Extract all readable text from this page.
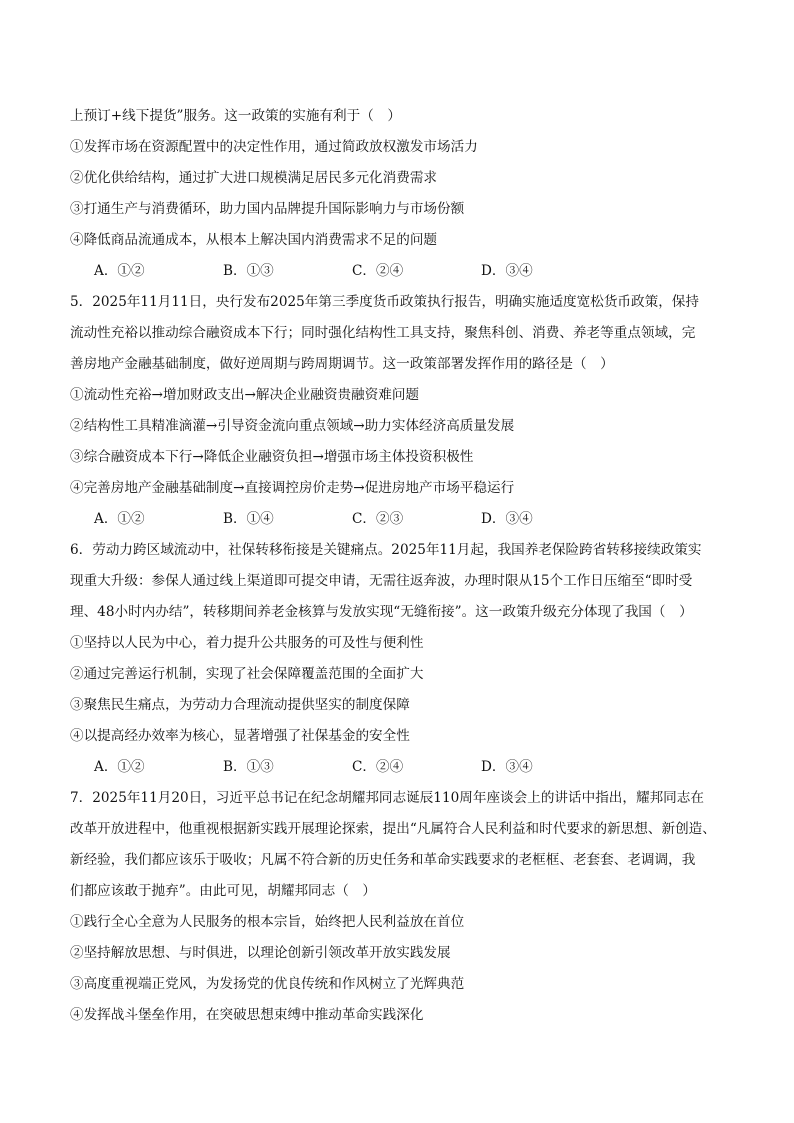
上预订+线下提货”服务。这一政策的实施有利于（　）

①发挥市场在资源配置中的决定性作用，通过简政放权激发市场活力

②优化供给结构，通过扩大进口规模满足居民多元化消费需求

③打通生产与消费循环，助力国内品牌提升国际影响力与市场份额

④降低商品流通成本，从根本上解决国内消费需求不足的问题

A．①②	B．①③	C．②④	D．③④

5．2025年11月11日，央行发布2025年第三季度货币政策执行报告，明确实施适度宽松货币政策，保持

流动性充裕以推动综合融资成本下行；同时强化结构性工具支持，聚焦科创、消费、养老等重点领域，完

善房地产金融基础制度，做好逆周期与跨周期调节。这一政策部署发挥作用的路径是（　）

①流动性充裕→增加财政支出→解决企业融资贵融资难问题

②结构性工具精准滴灌→引导资金流向重点领域→助力实体经济高质量发展

③综合融资成本下行→降低企业融资负担→增强市场主体投资积极性

④完善房地产金融基础制度→直接调控房价走势→促进房地产市场平稳运行

A．①②	B．①④	C．②③	D．③④

6．劳动力跨区域流动中，社保转移衔接是关键痛点。2025年11月起，我国养老保险跨省转移接续政策实

现重大升级：参保人通过线上渠道即可提交申请，无需往返奔波，办理时限从15个工作日压缩至“即时受

理、48小时内办结”，转移期间养老金核算与发放实现“无缝衔接”。这一政策升级充分体现了我国（　）

①坚持以人民为中心，着力提升公共服务的可及性与便利性

②通过完善运行机制，实现了社会保障覆盖范围的全面扩大

③聚焦民生痛点，为劳动力合理流动提供坚实的制度保障

④以提高经办效率为核心，显著增强了社保基金的安全性

A．①②	B．①③	C．②④	D．③④

7．2025年11月20日，习近平总书记在纪念胡耀邦同志诞辰110周年座谈会上的讲话中指出，耀邦同志在

改革开放进程中，他重视根据新实践开展理论探索，提出“凡属符合人民利益和时代要求的新思想、新创造、

新经验，我们都应该乐于吸收；凡属不符合新的历史任务和革命实践要求的老框框、老套套、老调调，我

们都应该敢于抛弃”。由此可见，胡耀邦同志（　）

①践行全心全意为人民服务的根本宗旨，始终把人民利益放在首位

②坚持解放思想、与时俱进，以理论创新引领改革开放实践发展

③高度重视端正党风，为发扬党的优良传统和作风树立了光辉典范

④发挥战斗堡垒作用，在突破思想束缚中推动革命实践深化
